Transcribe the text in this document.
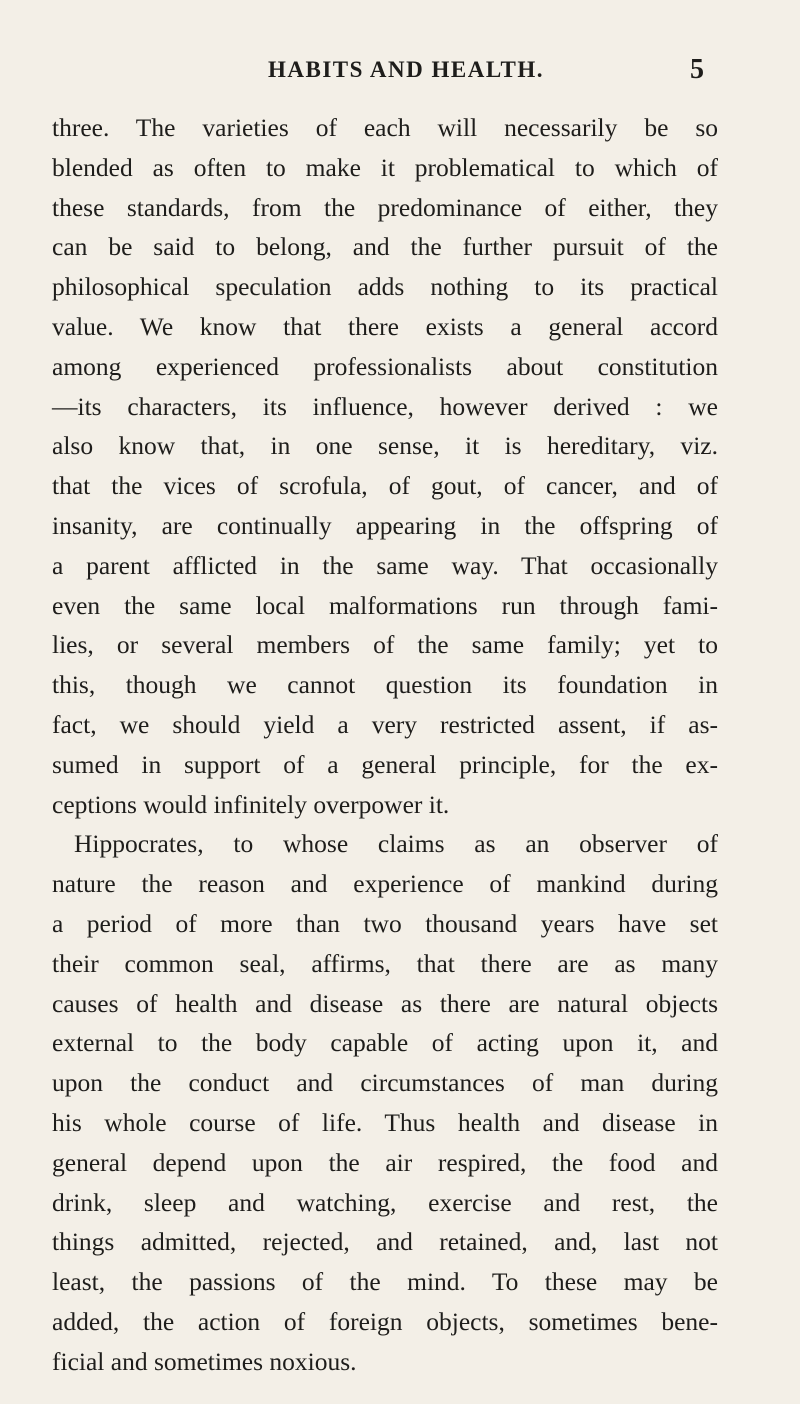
HABITS AND HEALTH.	5
three. The varieties of each will necessarily be so
blended as often to make it problematical to which of
these standards, from the predominance of either, they
can be said to belong, and the further pursuit of the
philosophical speculation adds nothing to its practical
value. We know that there exists a general accord
among experienced professionalists about constitution
—its characters, its influence, however derived : we
also know that, in one sense, it is hereditary, viz.
that the vices of scrofula, of gout, of cancer, and of
insanity, are continually appearing in the offspring of
a parent afflicted in the same way. That occasionally
even the same local malformations run through fami-
lies, or several members of the same family; yet to
this, though we cannot question its foundation in
fact, we should yield a very restricted assent, if as-
sumed in support of a general principle, for the ex-
ceptions would infinitely overpower it.
Hippocrates, to whose claims as an observer of
nature the reason and experience of mankind during
a period of more than two thousand years have set
their common seal, affirms, that there are as many
causes of health and disease as there are natural objects
external to the body capable of acting upon it, and
upon the conduct and circumstances of man during
his whole course of life. Thus health and disease in
general depend upon the air respired, the food and
drink, sleep and watching, exercise and rest, the
things admitted, rejected, and retained, and, last not
least, the passions of the mind. To these may be
added, the action of foreign objects, sometimes bene-
ficial and sometimes noxious.
